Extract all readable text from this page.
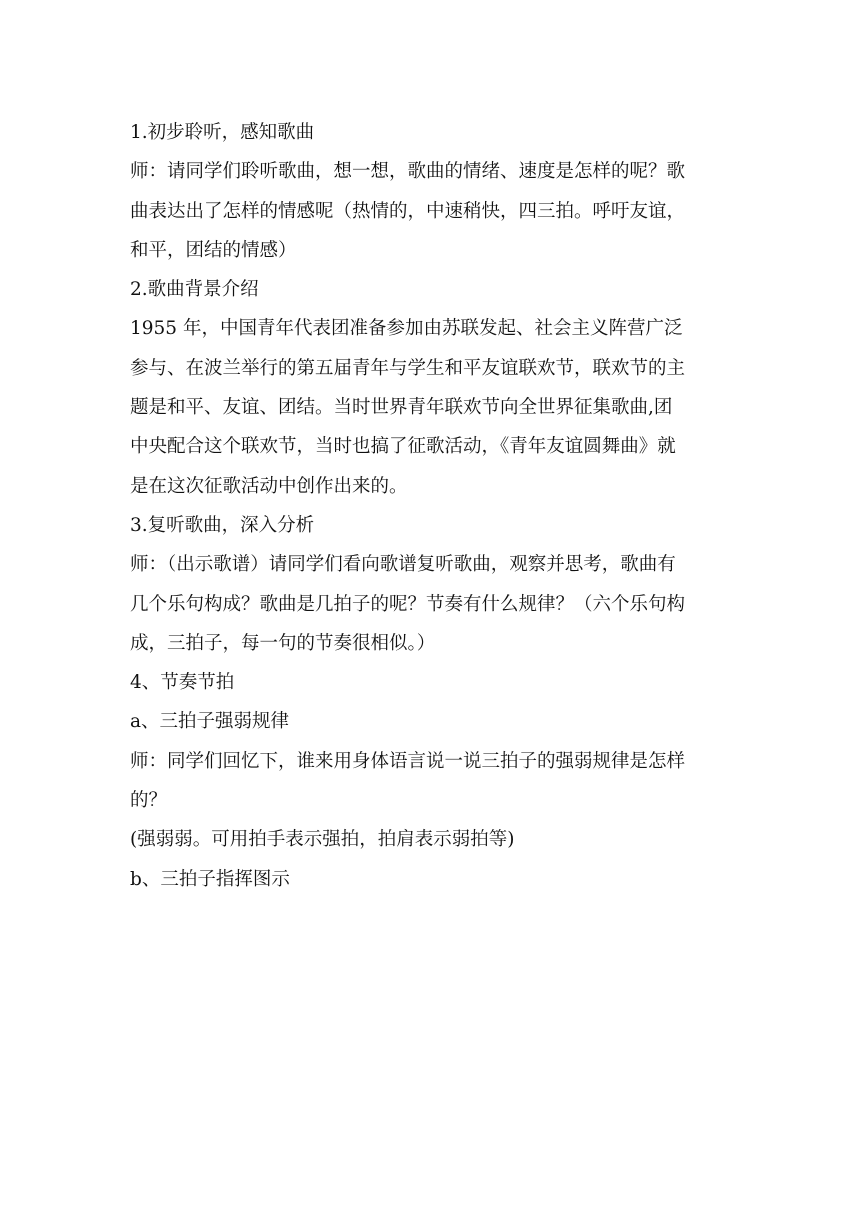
1.初步聆听，感知歌曲
师：请同学们聆听歌曲，想一想，歌曲的情绪、速度是怎样的呢？歌
曲表达出了怎样的情感呢（热情的，中速稍快，四三拍。呼吁友谊，
和平，团结的情感）
2.歌曲背景介绍
1955 年，中国青年代表团准备参加由苏联发起、社会主义阵营广泛
参与、在波兰举行的第五届青年与学生和平友谊联欢节，联欢节的主
题是和平、友谊、团结。当时世界青年联欢节向全世界征集歌曲,团
中央配合这个联欢节，当时也搞了征歌活动，《青年友谊圆舞曲》就
是在这次征歌活动中创作出来的。
3.复听歌曲，深入分析
师：（出示歌谱）请同学们看向歌谱复听歌曲，观察并思考，歌曲有
几个乐句构成？歌曲是几拍子的呢？节奏有什么规律？（六个乐句构
成，三拍子，每一句的节奏很相似。）
4、节奏节拍
a、三拍子强弱规律
师：同学们回忆下，谁来用身体语言说一说三拍子的强弱规律是怎样
的？
(强弱弱。可用拍手表示强拍，拍肩表示弱拍等)
b、三拍子指挥图示
